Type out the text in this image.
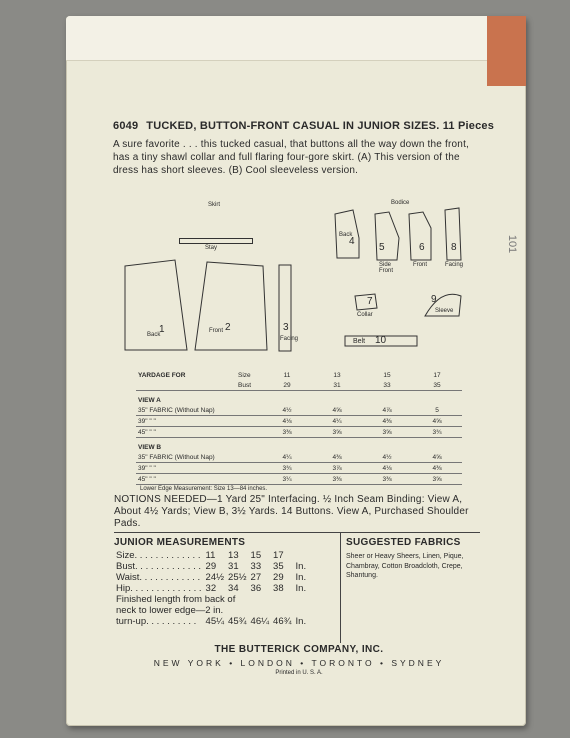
101
6049 TUCKED, BUTTON-FRONT CASUAL IN JUNIOR SIZES. 11 Pieces
A sure favorite . . . this tucked casual, that buttons all the way down the front, has a tiny shawl collar and full flaring four-gore skirt. (A) This version of the dress has short sleeves. (B) Cool sleeveless version.
Skirt	Bodice
Stay
1
Back
2
Front	3
Facing
4
Back
5
Side Front
6
Front
7
Collar
8
Facing
9
Sleeve
Belt 10
YARDAGE FOR	Size	11	13	15	17
	Bust	29	31	33	35
VIEW A					
35" FABRIC (Without Nap)		4½	4⅝	4⅞	5
39" " "		4⅛	4¼	4⅜	4⅝
45" " "		3⅜	3⅝	3⅝	3¾
VIEW B					
35" FABRIC (Without Nap)		4¼	4⅜	4½	4⅝
39" " "		3¾	3⅞	4⅛	4⅜
45" " "		3¼	3⅜	3⅜	3⅝
Lower Edge Measurement: Size 13—84 inches.
NOTIONS NEEDED—1 Yard 25" Interfacing. ½ Inch Seam Binding: View A, About 4½ Yards; View B, 3½ Yards. 14 Buttons. View A, Purchased Shoulder Pads.
JUNIOR MEASUREMENTS
Size. . . . . . . . . . . . .	11	13	15	17	
Bust. . . . . . . . . . . . .	29	31	33	35	In.
Waist. . . . . . . . . . . .	24½	25½	27	29	In.
Hip. . . . . . . . . . . . . .	32	34	36	38	In.
Finished length from back of					
neck to lower edge—2 in.					
turn-up. . . . . . . . . .	45¼	45¾	46¼	46¾	In.
SUGGESTED FABRICS
Sheer or Heavy Sheers, Linen, Pique, Chambray, Cotton Broadcloth, Crepe, Shantung.
THE BUTTERICK COMPANY, INC.
NEW YORK • LONDON • TORONTO • SYDNEY
Printed in U. S. A.
